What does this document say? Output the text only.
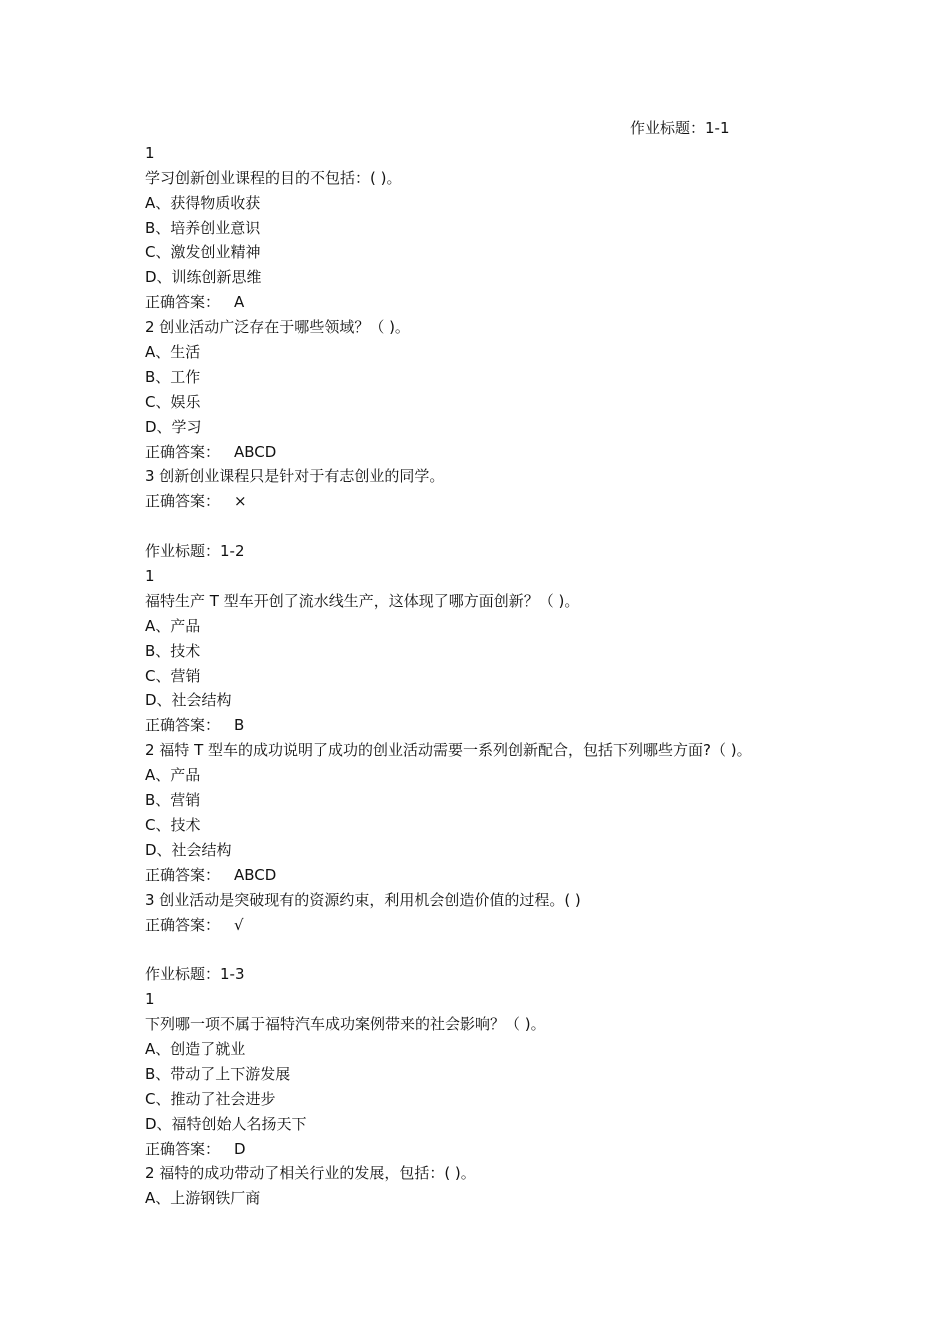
作业标题：1-1
1
学习创新创业课程的目的不包括：( )。
A、获得物质收获
B、培养创业意识
C、激发创业精神
D、训练创新思维
正确答案： A
2 创业活动广泛存在于哪些领域？（ )。
A、生活
B、工作
C、娱乐
D、学习
正确答案： ABCD
3 创新创业课程只是针对于有志创业的同学。
正确答案： ×
作业标题：1-2
1
福特生产 T 型车开创了流水线生产，这体现了哪方面创新？（ )。
A、产品
B、技术
C、营销
D、社会结构
正确答案： B
2 福特 T 型车的成功说明了成功的创业活动需要一系列创新配合，包括下列哪些方面?（ )。
A、产品
B、营销
C、技术
D、社会结构
正确答案： ABCD
3 创业活动是突破现有的资源约束，利用机会创造价值的过程。( )
正确答案： √
作业标题：1-3
1
下列哪一项不属于福特汽车成功案例带来的社会影响？（ )。
A、创造了就业
B、带动了上下游发展
C、推动了社会进步
D、福特创始人名扬天下
正确答案： D
2 福特的成功带动了相关行业的发展，包括：( )。
A、上游钢铁厂商
